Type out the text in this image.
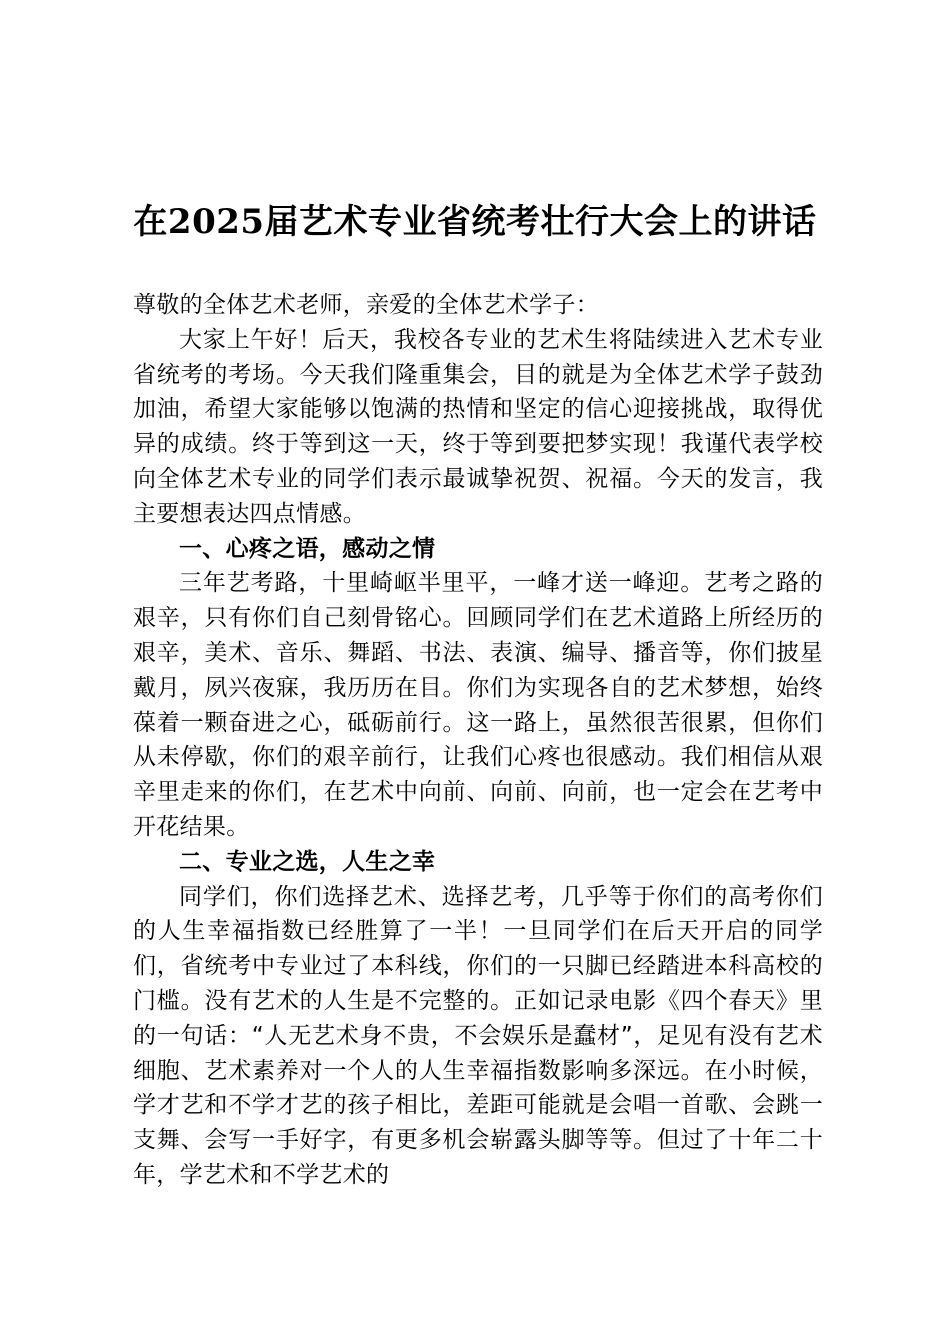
在2025届艺术专业省统考壮行大会上的讲话

尊敬的全体艺术老师，亲爱的全体艺术学子：

大家上午好！后天，我校各专业的艺术生将陆续进入艺术专业省统考的考场。今天我们隆重集会，目的就是为全体艺术学子鼓劲加油，希望大家能够以饱满的热情和坚定的信心迎接挑战，取得优异的成绩。终于等到这一天，终于等到要把梦实现！我谨代表学校向全体艺术专业的同学们表示最诚挚祝贺、祝福。今天的发言，我主要想表达四点情感。

一、心疼之语，感动之情

三年艺考路，十里崎岖半里平，一峰才送一峰迎。艺考之路的艰辛，只有你们自己刻骨铭心。回顾同学们在艺术道路上所经历的艰辛，美术、音乐、舞蹈、书法、表演、编导、播音等，你们披星戴月，夙兴夜寐，我历历在目。你们为实现各自的艺术梦想，始终葆着一颗奋进之心，砥砺前行。这一路上，虽然很苦很累，但你们从未停歇，你们的艰辛前行，让我们心疼也很感动。我们相信从艰辛里走来的你们，在艺术中向前、向前、向前，也一定会在艺考中开花结果。

二、专业之选，人生之幸

同学们，你们选择艺术、选择艺考，几乎等于你们的高考你们的人生幸福指数已经胜算了一半！一旦同学们在后天开启的同学们，省统考中专业过了本科线，你们的一只脚已经踏进本科高校的门槛。没有艺术的人生是不完整的。正如记录电影《四个春天》里的一句话：“人无艺术身不贵，不会娱乐是蠢材”，足见有没有艺术细胞、艺术素养对一个人的人生幸福指数影响多深远。在小时候，学才艺和不学才艺的孩子相比，差距可能就是会唱一首歌、会跳一支舞、会写一手好字，有更多机会崭露头脚等等。但过了十年二十年，学艺术和不学艺术的
